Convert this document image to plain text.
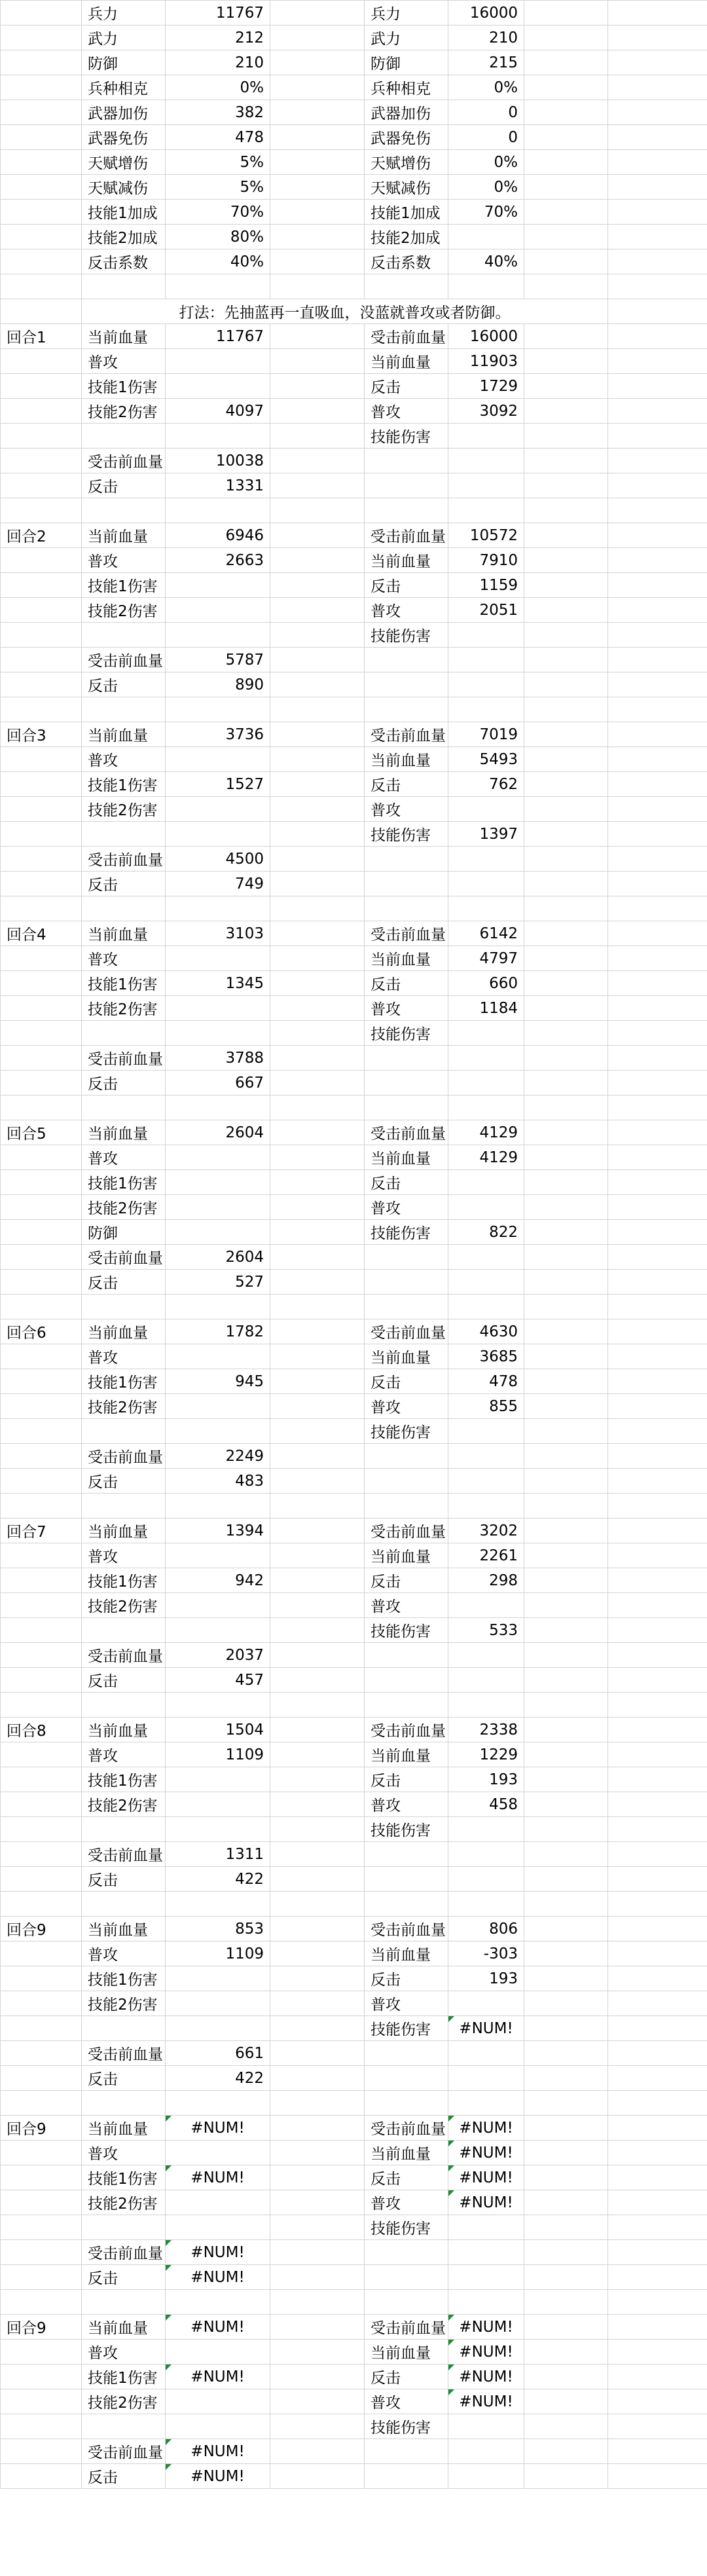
	兵力	11767		兵力	16000		
	武力	212		武力	210		
	防御	210		防御	215		
	兵种相克	0%		兵种相克	0%		
	武器加伤	382		武器加伤	0		
	武器免伤	478		武器免伤	0		
	天赋增伤	5%		天赋增伤	0%		
	天赋减伤	5%		天赋减伤	0%		
	技能1加成	70%		技能1加成	70%		
	技能2加成	80%		技能2加成			
	反击系数	40%		反击系数	40%		

	打法：先抽蓝再一直吸血，没蓝就普攻或者防御。						
回合1	当前血量	11767		受击前血量	16000		
	普攻			当前血量	11903		
	技能1伤害			反击	1729		
	技能2伤害	4097		普攻	3092		
				技能伤害			
	受击前血量	10038					
	反击	1331					

回合2	当前血量	6946		受击前血量	10572		
	普攻	2663		当前血量	7910		
	技能1伤害			反击	1159		
	技能2伤害			普攻	2051		
				技能伤害			
	受击前血量	5787					
	反击	890					

回合3	当前血量	3736		受击前血量	7019		
	普攻			当前血量	5493		
	技能1伤害	1527		反击	762		
	技能2伤害			普攻			
				技能伤害	1397		
	受击前血量	4500					
	反击	749					

回合4	当前血量	3103		受击前血量	6142		
	普攻			当前血量	4797		
	技能1伤害	1345		反击	660		
	技能2伤害			普攻	1184		
				技能伤害			
	受击前血量	3788					
	反击	667					

回合5	当前血量	2604		受击前血量	4129		
	普攻			当前血量	4129		
	技能1伤害			反击			
	技能2伤害			普攻			
	防御			技能伤害	822		
	受击前血量	2604					
	反击	527					

回合6	当前血量	1782		受击前血量	4630		
	普攻			当前血量	3685		
	技能1伤害	945		反击	478		
	技能2伤害			普攻	855		
				技能伤害			
	受击前血量	2249					
	反击	483					

回合7	当前血量	1394		受击前血量	3202		
	普攻			当前血量	2261		
	技能1伤害	942		反击	298		
	技能2伤害			普攻			
				技能伤害	533		
	受击前血量	2037					
	反击	457					

回合8	当前血量	1504		受击前血量	2338		
	普攻	1109		当前血量	1229		
	技能1伤害			反击	193		
	技能2伤害			普攻	458		
				技能伤害			
	受击前血量	1311					
	反击	422					

回合9	当前血量	853		受击前血量	806		
	普攻	1109		当前血量	-303		
	技能1伤害			反击	193		
	技能2伤害			普攻			
				技能伤害	#NUM!		
	受击前血量	661					
	反击	422					

回合9	当前血量	#NUM!		受击前血量	#NUM!		
	普攻			当前血量	#NUM!		
	技能1伤害	#NUM!		反击	#NUM!		
	技能2伤害			普攻	#NUM!		
				技能伤害			
	受击前血量	#NUM!					
	反击	#NUM!					

回合9	当前血量	#NUM!		受击前血量	#NUM!		
	普攻			当前血量	#NUM!		
	技能1伤害	#NUM!		反击	#NUM!		
	技能2伤害			普攻	#NUM!		
				技能伤害			
	受击前血量	#NUM!					
	反击	#NUM!					
